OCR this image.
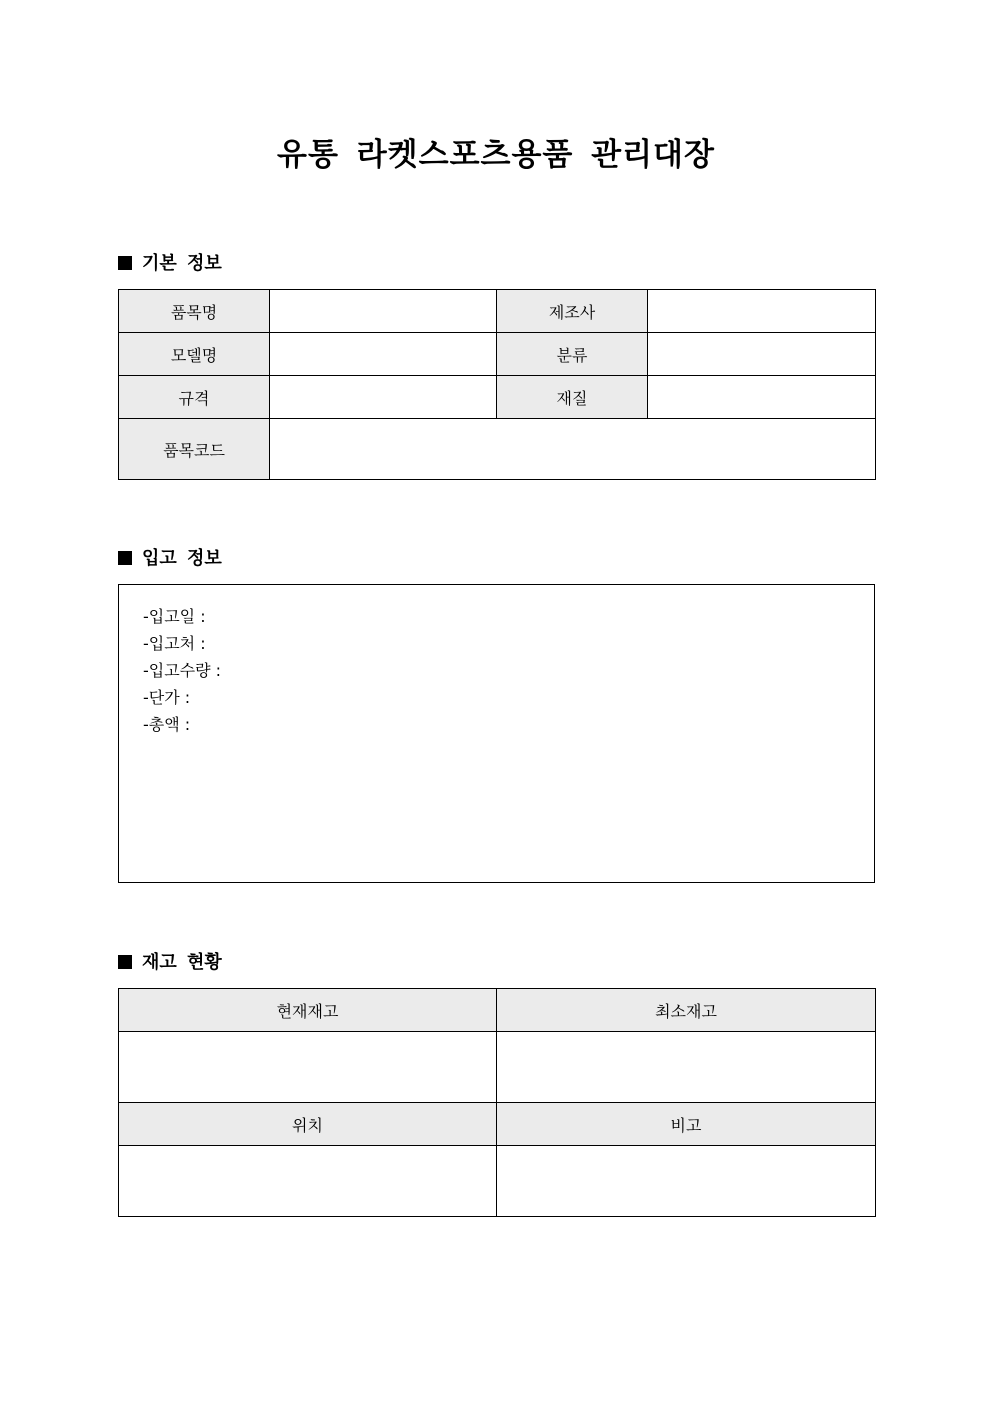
유통 라켓스포츠용품 관리대장
기본 정보
품목명		제조사	
모델명		분류	
규격		재질	
품목코드			
입고 정보
-입고일 :
-입고처 :
-입고수량 :
-단가 :
-총액 :
재고 현황
현재재고	최소재고

위치	비고
